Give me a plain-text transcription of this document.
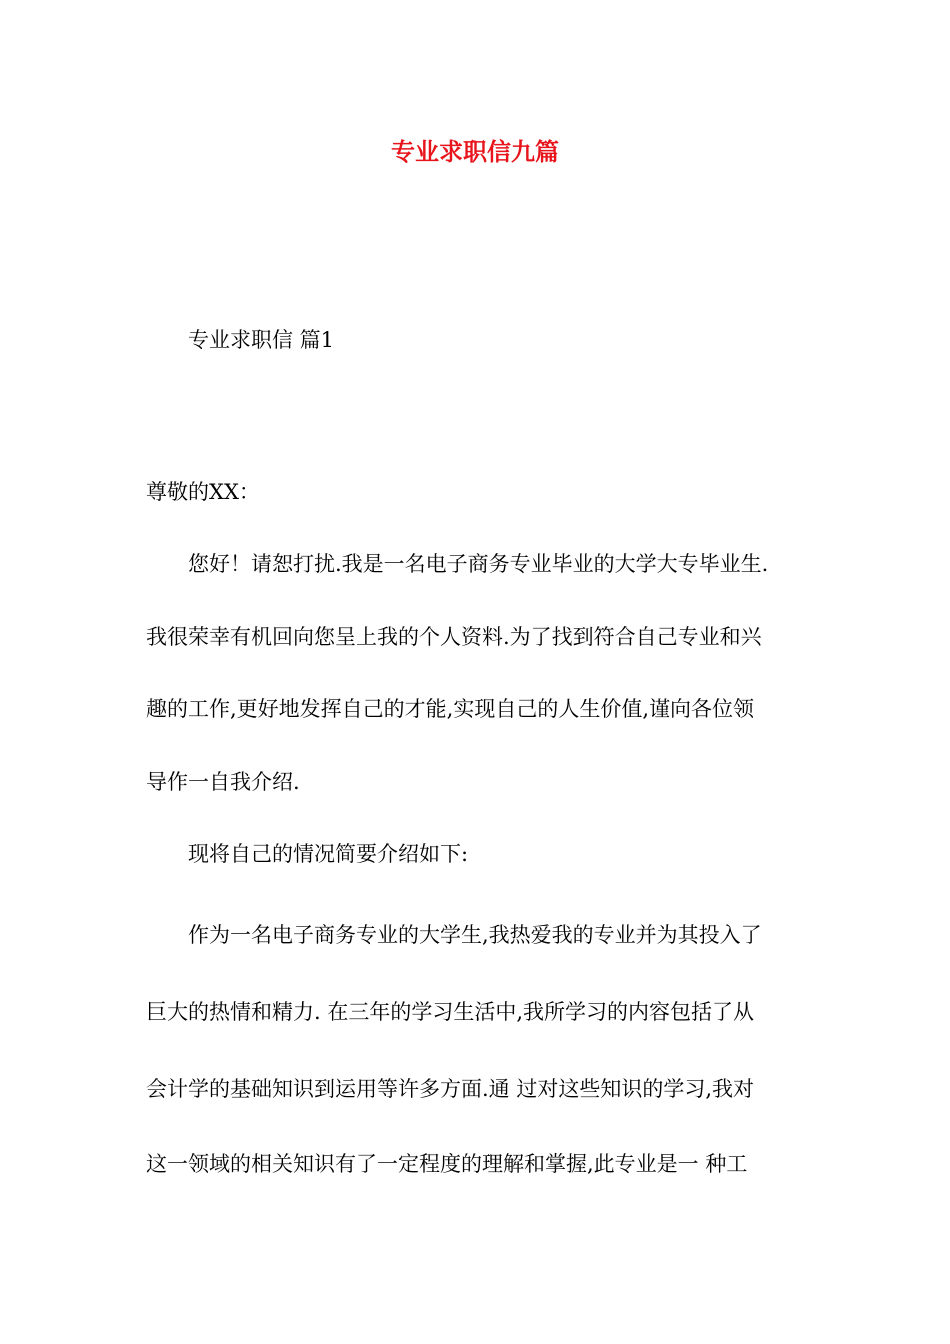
专业求职信九篇

专业求职信 篇1

尊敬的XX：

您好！请恕打扰.我是一名电子商务专业毕业的大学大专毕业生.

我很荣幸有机回向您呈上我的个人资料.为了找到符合自己专业和兴

趣的工作,更好地发挥自己的才能,实现自己的人生价值,谨向各位领

导作一自我介绍.

现将自己的情况简要介绍如下:

作为一名电子商务专业的大学生,我热爱我的专业并为其投入了

巨大的热情和精力. 在三年的学习生活中,我所学习的内容包括了从

会计学的基础知识到运用等许多方面.通 过对这些知识的学习,我对

这一领域的相关知识有了一定程度的理解和掌握,此专业是一 种工
